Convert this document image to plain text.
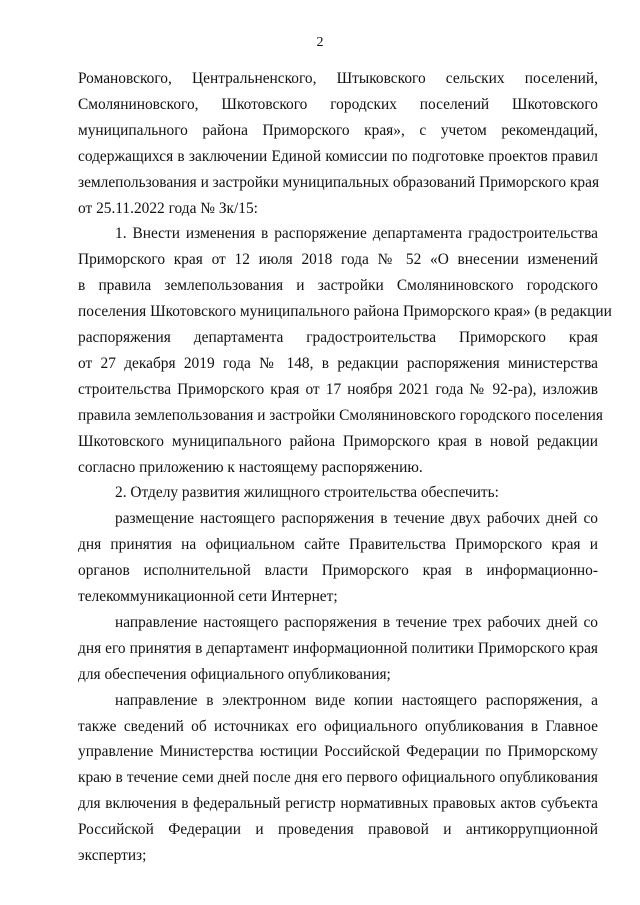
2
Романовского, Центральненского, Штыковского сельских поселений,
Смоляниновского, Шкотовского городских поселений Шкотовского
муниципального района Приморского края», с учетом рекомендаций,
содержащихся в заключении Единой комиссии по подготовке проектов правил
землепользования и застройки муниципальных образований Приморского края
от 25.11.2022 года № Зк/15:
1. Внести изменения в распоряжение департамента градостроительства
Приморского края от 12 июля 2018 года № 52 «О внесении изменений
в правила землепользования и застройки Смоляниновского городского
поселения Шкотовского муниципального района Приморского края» (в редакции
распоряжения департамента градостроительства Приморского края
от 27 декабря 2019 года № 148, в редакции распоряжения министерства
строительства Приморского края от 17 ноября 2021 года № 92-ра), изложив
правила землепользования и застройки Смоляниновского городского поселения
Шкотовского муниципального района Приморского края в новой редакции
согласно приложению к настоящему распоряжению.
2. Отделу развития жилищного строительства обеспечить:
размещение настоящего распоряжения в течение двух рабочих дней со
дня принятия на официальном сайте Правительства Приморского края и
органов исполнительной власти Приморского края в информационно-
телекоммуникационной сети Интернет;
направление настоящего распоряжения в течение трех рабочих дней со
дня его принятия в департамент информационной политики Приморского края
для обеспечения официального опубликования;
направление в электронном виде копии настоящего распоряжения, а
также сведений об источниках его официального опубликования в Главное
управление Министерства юстиции Российской Федерации по Приморскому
краю в течение семи дней после дня его первого официального опубликования
для включения в федеральный регистр нормативных правовых актов субъекта
Российской Федерации и проведения правовой и антикоррупционной
экспертиз;
